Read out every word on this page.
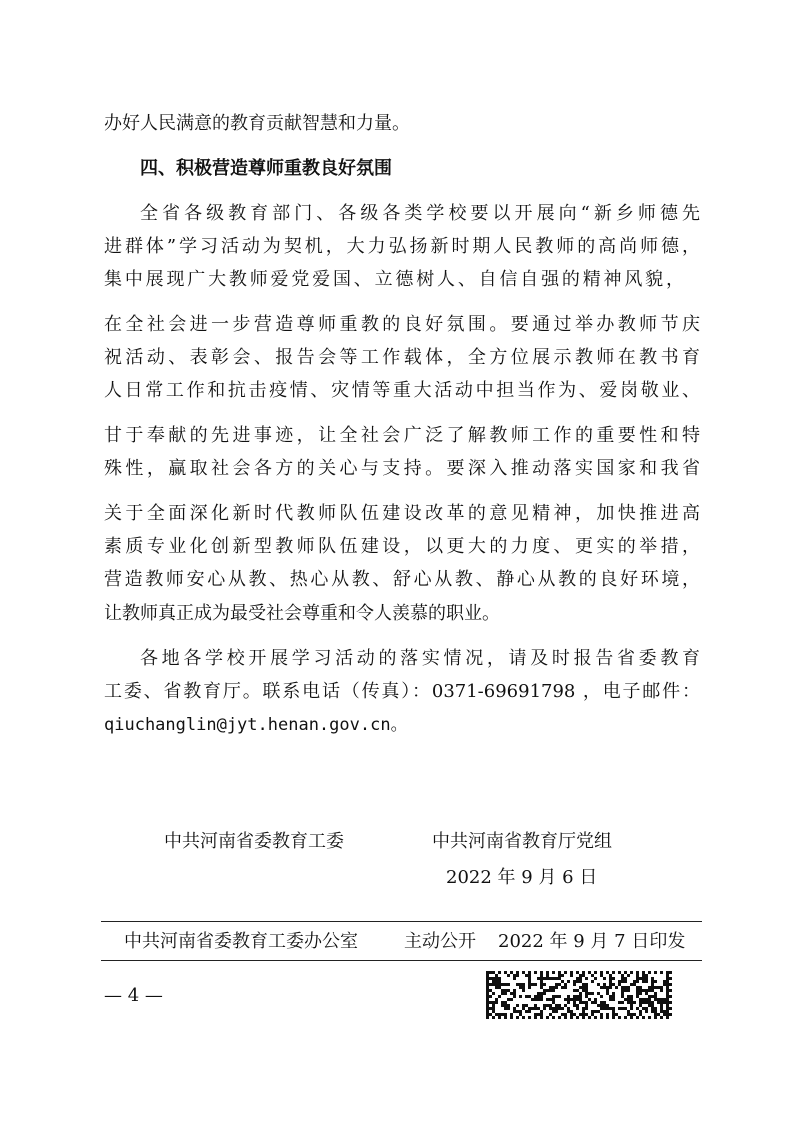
办好人民满意的教育贡献智慧和力量。
四、积极营造尊师重教良好氛围
全省各级教育部门、各级各类学校要以开展向“新乡师德先
进群体”学习活动为契机，大力弘扬新时期人民教师的高尚师德，
集中展现广大教师爱党爱国、立德树人、自信自强的精神风貌，
在全社会进一步营造尊师重教的良好氛围。要通过举办教师节庆
祝活动、表彰会、报告会等工作载体，全方位展示教师在教书育
人日常工作和抗击疫情、灾情等重大活动中担当作为、爱岗敬业、
甘于奉献的先进事迹，让全社会广泛了解教师工作的重要性和特
殊性，赢取社会各方的关心与支持。要深入推动落实国家和我省
关于全面深化新时代教师队伍建设改革的意见精神，加快推进高
素质专业化创新型教师队伍建设，以更大的力度、更实的举措，
营造教师安心从教、热心从教、舒心从教、静心从教的良好环境，
让教师真正成为最受社会尊重和令人羡慕的职业。
各地各学校开展学习活动的落实情况，请及时报告省委教育
工委、省教育厅。联系电话（传真）：0371-69691798 ，电子邮件：
qiuchanglin@jyt.henan.gov.cn。
中共河南省委教育工委	中共河南省教育厅党组
2022 年 9 月 6 日
中共河南省委教育工委办公室	主动公开 2022 年 9 月 7 日印发
— 4 —
